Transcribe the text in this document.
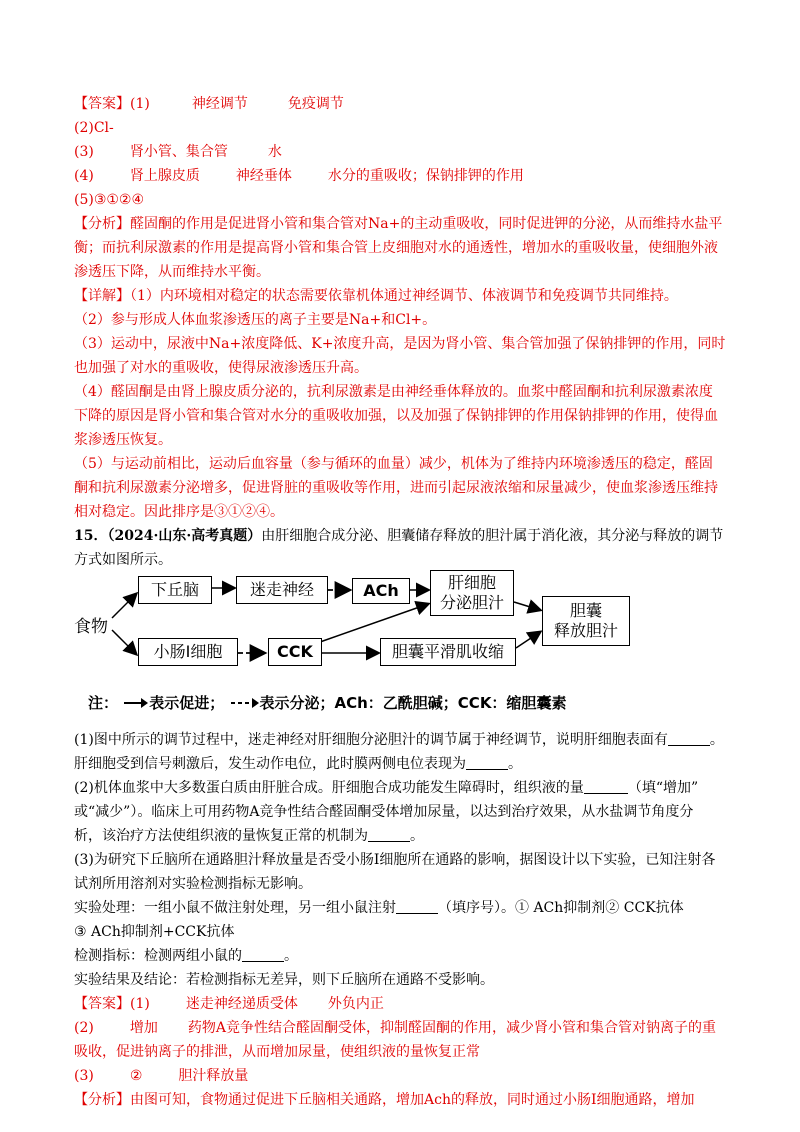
【答案】(1)	神经调节	免疫调节
(2)Cl-
(3)	肾小管、集合管	水
(4)	肾上腺皮质	神经垂体	水分的重吸收；保钠排钾的作用
(5)③①②④
【分析】醛固酮的作用是促进肾小管和集合管对Na+的主动重吸收，同时促进钾的分泌，从而维持水盐平
衡；而抗利尿激素的作用是提高肾小管和集合管上皮细胞对水的通透性，增加水的重吸收量，使细胞外液
渗透压下降，从而维持水平衡。
【详解】（1）内环境相对稳定的状态需要依靠机体通过神经调节、体液调节和免疫调节共同维持。
（2）参与形成人体血浆渗透压的离子主要是Na+和Cl+。
（3）运动中，尿液中Na+浓度降低、K+浓度升高，是因为肾小管、集合管加强了保钠排钾的作用，同时
也加强了对水的重吸收，使得尿液渗透压升高。
（4）醛固酮是由肾上腺皮质分泌的，抗利尿激素是由神经垂体释放的。血浆中醛固酮和抗利尿激素浓度
下降的原因是肾小管和集合管对水分的重吸收加强，以及加强了保钠排钾的作用保钠排钾的作用，使得血
浆渗透压恢复。
（5）与运动前相比，运动后血容量（参与循环的血量）减少，机体为了维持内环境渗透压的稳定，醛固
酮和抗利尿激素分泌增多，促进肾脏的重吸收等作用，进而引起尿液浓缩和尿量减少，使血浆渗透压维持
相对稳定。因此排序是③①②④。
15．（2024·山东·高考真题）由肝细胞合成分泌、胆囊储存释放的胆汁属于消化液，其分泌与释放的调节
方式如图所示。
食物
下丘脑	迷走神经	ACh	肝细胞
分泌胆汁	胆囊
释放胆汁
小肠Ⅰ细胞	CCK	胆囊平滑肌收缩
注： 表示促进； 表示分泌；ACh：乙酰胆碱；CCK：缩胆囊素
(1)图中所示的调节过程中，迷走神经对肝细胞分泌胆汁的调节属于神经调节，说明肝细胞表面有	。
肝细胞受到信号刺激后，发生动作电位，此时膜两侧电位表现为	。
(2)机体血浆中大多数蛋白质由肝脏合成。肝细胞合成功能发生障碍时，组织液的量	（填“增加”
或“减少”）。临床上可用药物A竞争性结合醛固酮受体增加尿量，以达到治疗效果，从水盐调节角度分
析，该治疗方法使组织液的量恢复正常的机制为	。
(3)为研究下丘脑所在通路胆汁释放量是否受小肠Ⅰ细胞所在通路的影响，据图设计以下实验，已知注射各
试剂所用溶剂对实验检测指标无影响。
实验处理：一组小鼠不做注射处理，另一组小鼠注射	（填序号）。① ACh抑制剂② CCK抗体
③ ACh抑制剂+CCK抗体
检测指标：检测两组小鼠的	。
实验结果及结论：若检测指标无差异，则下丘脑所在通路不受影响。
【答案】(1)	迷走神经递质受体 外负内正
(2)	增加 药物A竞争性结合醛固酮受体，抑制醛固酮的作用，减少肾小管和集合管对钠离子的重
吸收，促进钠离子的排泄，从而增加尿量，使组织液的量恢复正常
(3)	②	胆汁释放量
【分析】由图可知，食物通过促进下丘脑相关通路，增加Ach的释放，同时通过小肠Ⅰ细胞通路，增加
